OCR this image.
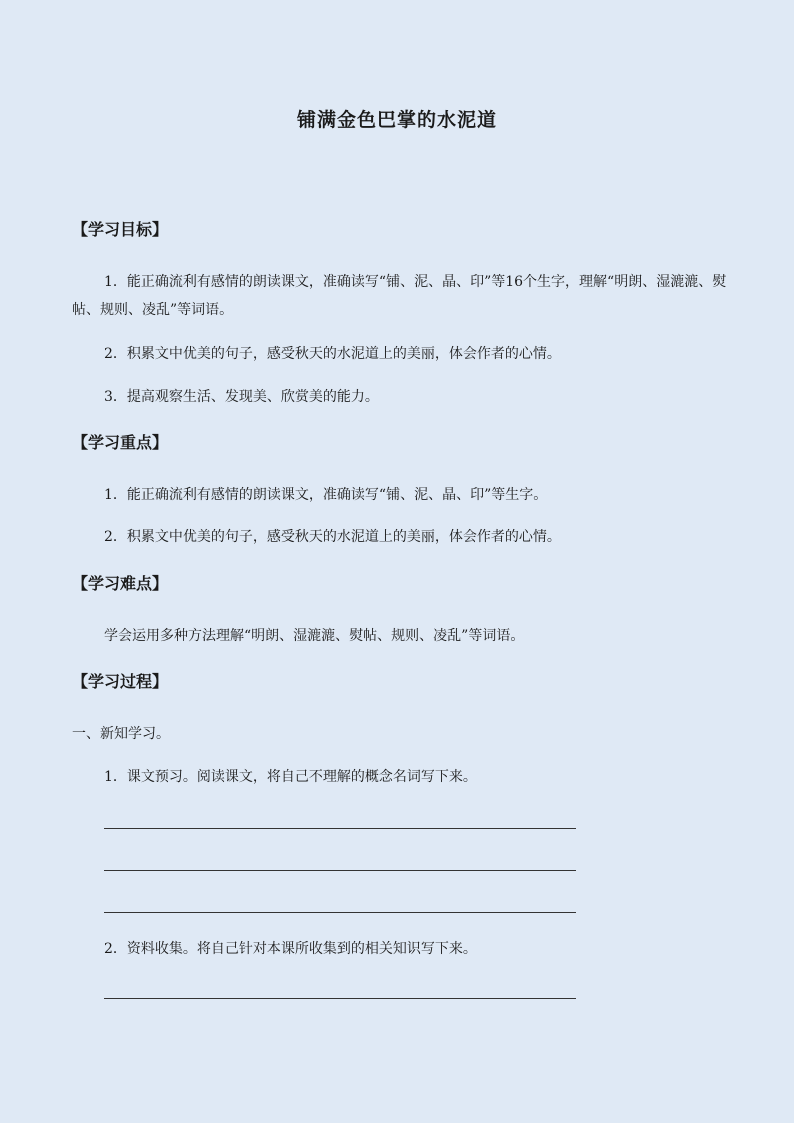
铺满金色巴掌的水泥道
【学习目标】
1．能正确流利有感情的朗读课文，准确读写“铺、泥、晶、印”等16个生字，理解“明朗、湿漉漉、熨帖、规则、凌乱”等词语。
2．积累文中优美的句子，感受秋天的水泥道上的美丽，体会作者的心情。
3．提高观察生活、发现美、欣赏美的能力。
【学习重点】
1．能正确流利有感情的朗读课文，准确读写“铺、泥、晶、印”等生字。
2．积累文中优美的句子，感受秋天的水泥道上的美丽，体会作者的心情。
【学习难点】
学会运用多种方法理解“明朗、湿漉漉、熨帖、规则、凌乱”等词语。
【学习过程】
一、新知学习。
1．课文预习。阅读课文，将自己不理解的概念名词写下来。
2．资料收集。将自己针对本课所收集到的相关知识写下来。
